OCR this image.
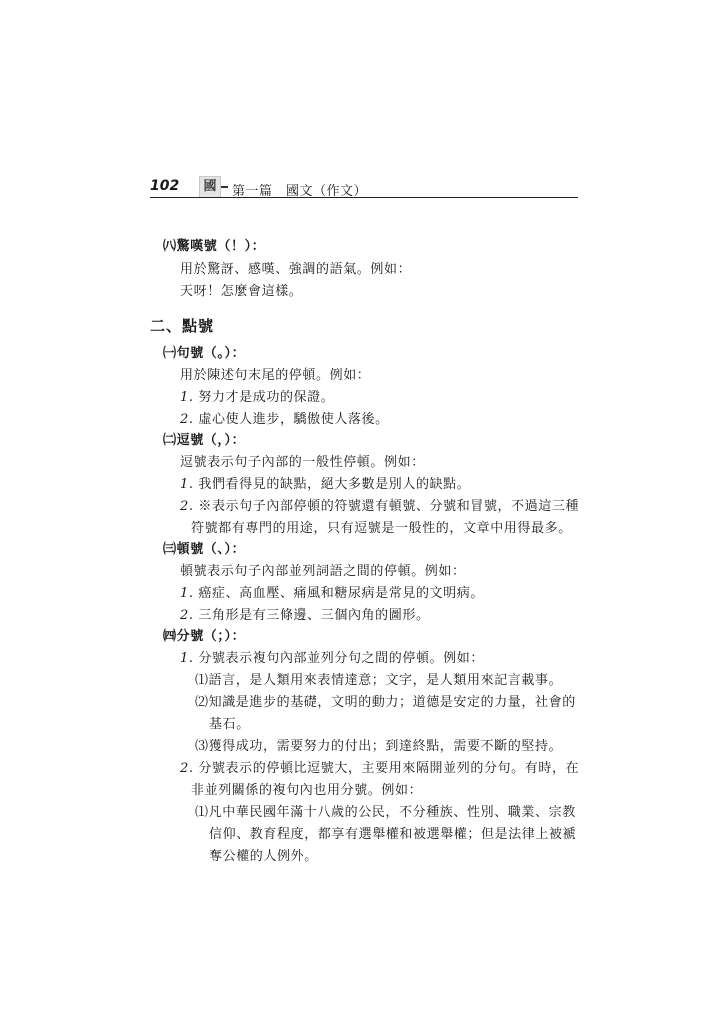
102	國	第一篇　國文（作文）
㈧驚嘆號（！）：
用於驚訝、感嘆、強調的語氣。例如：
天呀！怎麼會這樣。
二、點號
㈠句號（。）：
用於陳述句末尾的停頓。例如：
1. 努力才是成功的保證。
2. 虛心使人進步，驕傲使人落後。
㈡逗號（，）：
逗號表示句子內部的一般性停頓。例如：
1. 我們看得見的缺點，絕大多數是別人的缺點。
2. ※表示句子內部停頓的符號還有頓號、分號和冒號，不過這三種
符號都有專門的用途，只有逗號是一般性的，文章中用得最多。
㈢頓號（、）：
頓號表示句子內部並列詞語之間的停頓。例如：
1. 癌症、高血壓、痛風和糖尿病是常見的文明病。
2. 三角形是有三條邊、三個內角的圖形。
㈣分號（；）：
1. 分號表示複句內部並列分句之間的停頓。例如：
⑴語言，是人類用來表情達意；文字，是人類用來記言載事。
⑵知識是進步的基礎，文明的動力；道德是安定的力量，社會的
基石。
⑶獲得成功，需要努力的付出；到達終點，需要不斷的堅持。
2. 分號表示的停頓比逗號大，主要用來隔開並列的分句。有時，在
非並列關係的複句內也用分號。例如：
⑴凡中華民國年滿十八歲的公民，不分種族、性別、職業、宗教
信仰、教育程度，都享有選舉權和被選舉權；但是法律上被褫
奪公權的人例外。
